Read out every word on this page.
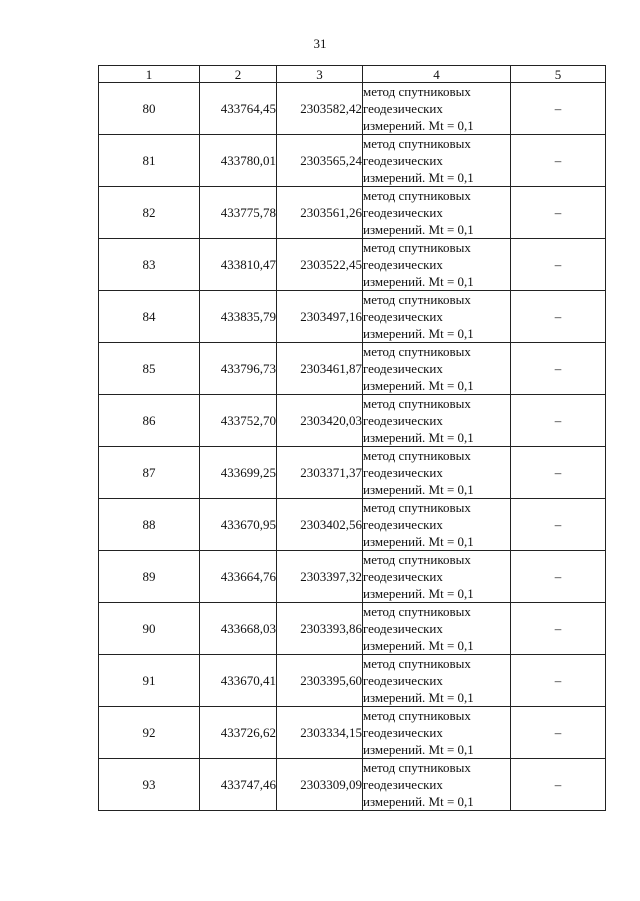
31
1	2	3	4	5
80	433764,45	2303582,42	метод спутниковых
геодезических
измерений. Mt = 0,1	–
81	433780,01	2303565,24	метод спутниковых
геодезических
измерений. Mt = 0,1	–
82	433775,78	2303561,26	метод спутниковых
геодезических
измерений. Mt = 0,1	–
83	433810,47	2303522,45	метод спутниковых
геодезических
измерений. Mt = 0,1	–
84	433835,79	2303497,16	метод спутниковых
геодезических
измерений. Mt = 0,1	–
85	433796,73	2303461,87	метод спутниковых
геодезических
измерений. Mt = 0,1	–
86	433752,70	2303420,03	метод спутниковых
геодезических
измерений. Mt = 0,1	–
87	433699,25	2303371,37	метод спутниковых
геодезических
измерений. Mt = 0,1	–
88	433670,95	2303402,56	метод спутниковых
геодезических
измерений. Mt = 0,1	–
89	433664,76	2303397,32	метод спутниковых
геодезических
измерений. Mt = 0,1	–
90	433668,03	2303393,86	метод спутниковых
геодезических
измерений. Mt = 0,1	–
91	433670,41	2303395,60	метод спутниковых
геодезических
измерений. Mt = 0,1	–
92	433726,62	2303334,15	метод спутниковых
геодезических
измерений. Mt = 0,1	–
93	433747,46	2303309,09	метод спутниковых
геодезических
измерений. Mt = 0,1	–
